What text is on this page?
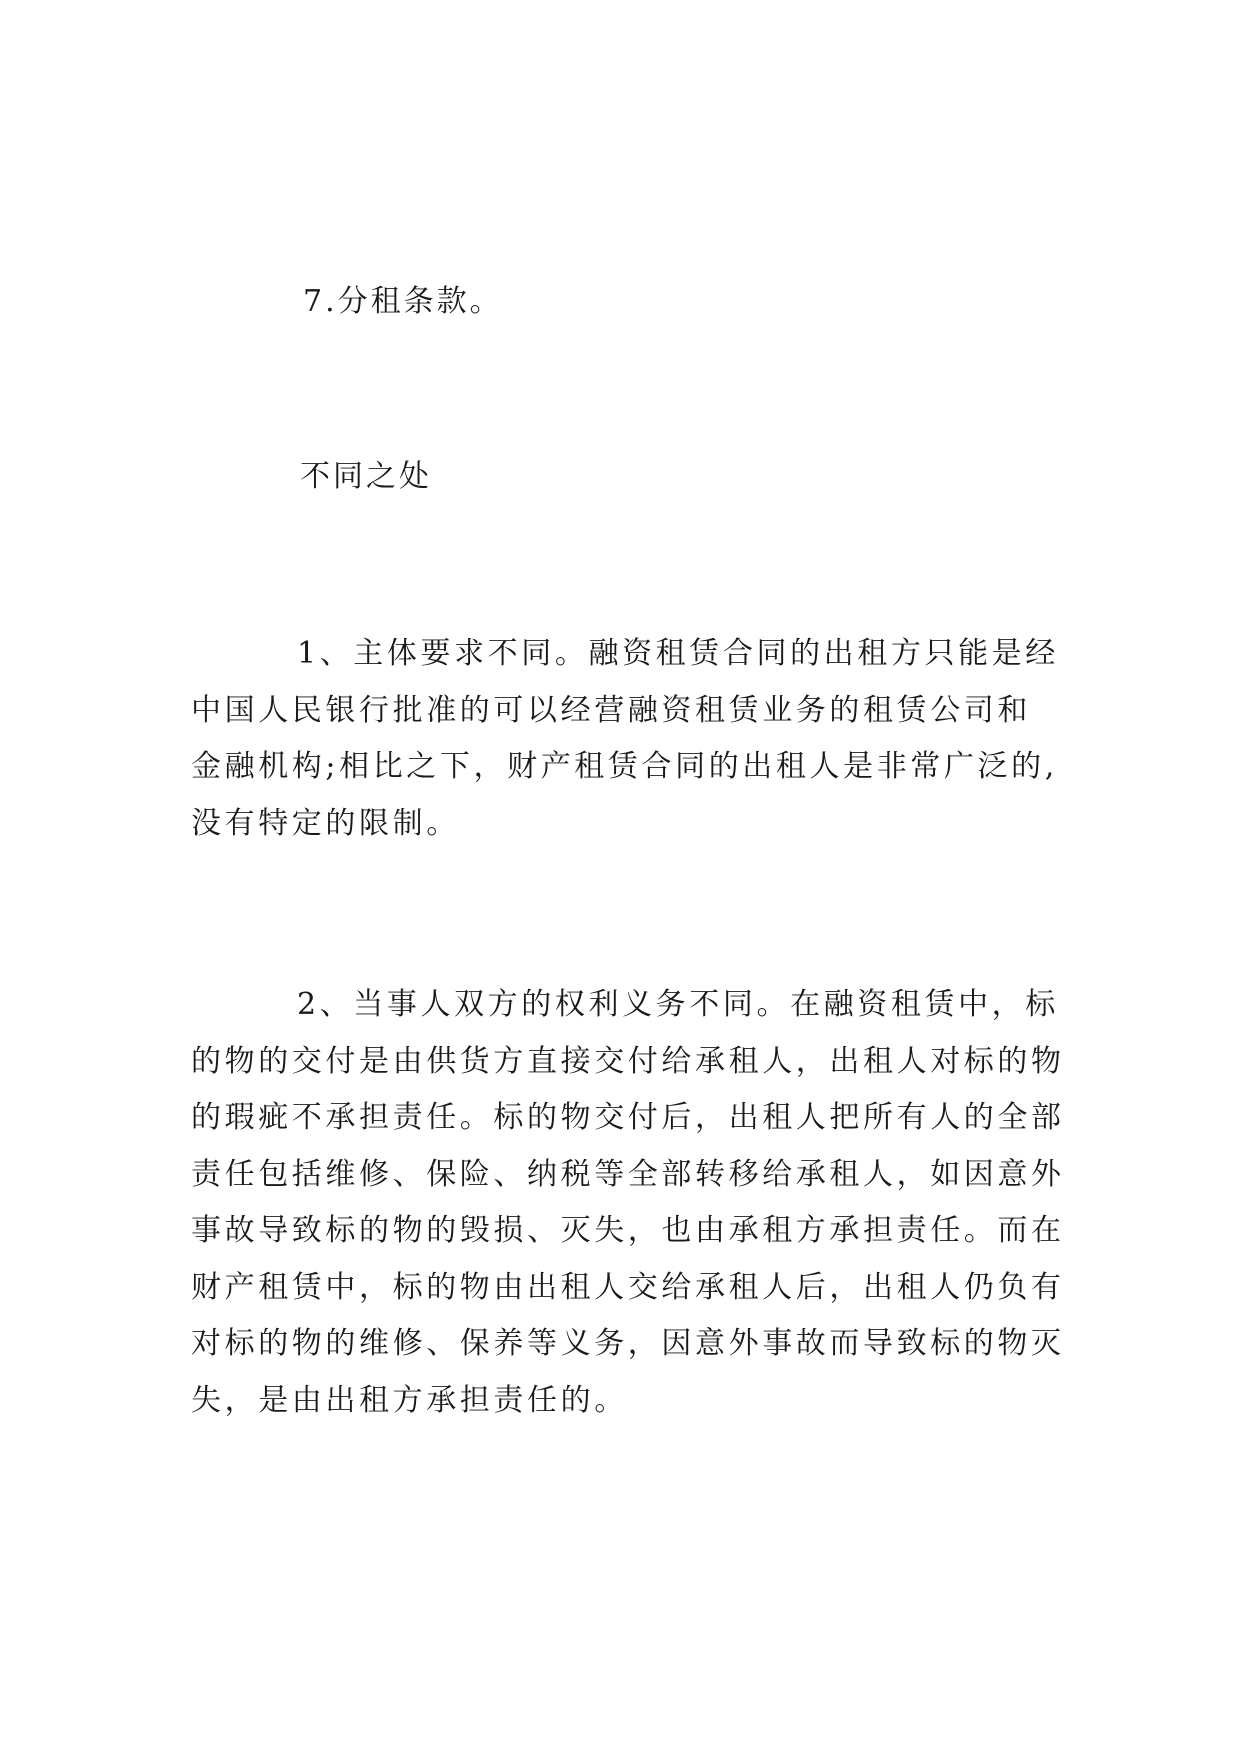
7.分租条款。
不同之处
1、主体要求不同。融资租赁合同的出租方只能是经
中国人民银行批准的可以经营融资租赁业务的租赁公司和
金融机构;相比之下，财产租赁合同的出租人是非常广泛的,
没有特定的限制。
2、当事人双方的权利义务不同。在融资租赁中，标
的物的交付是由供货方直接交付给承租人，出租人对标的物
的瑕疵不承担责任。标的物交付后，出租人把所有人的全部
责任包括维修、保险、纳税等全部转移给承租人，如因意外
事故导致标的物的毁损、灭失，也由承租方承担责任。而在
财产租赁中，标的物由出租人交给承租人后，出租人仍负有
对标的物的维修、保养等义务，因意外事故而导致标的物灭
失，是由出租方承担责任的。
